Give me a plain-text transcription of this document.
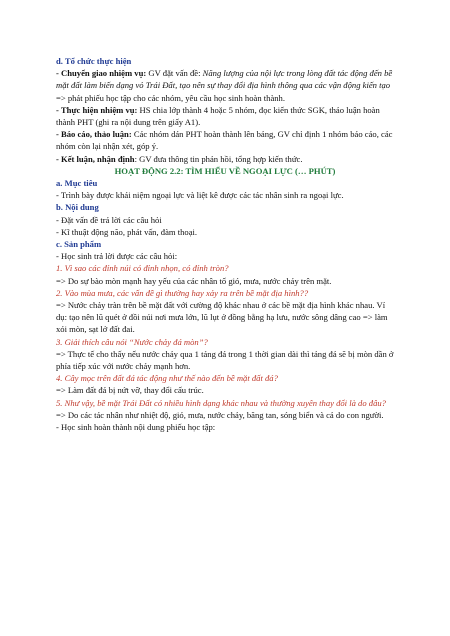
d. Tổ chức thực hiện

- Chuyển giao nhiệm vụ: GV đặt vấn đề: Năng lượng của nội lực trong lòng đất tác động đến bề mặt đất làm biến dạng vỏ Trái Đất, tạo nên sự thay đổi địa hình thông qua các vận động kiến tạo => phát phiếu học tập cho các nhóm, yêu cầu học sinh hoàn thành.

- Thực hiện nhiệm vụ: HS chia lớp thành 4 hoặc 5 nhóm, đọc kiến thức SGK, thảo luận hoàn thành PHT (ghi ra nội dung trên giấy A1).

- Báo cáo, thảo luận: Các nhóm dán PHT hoàn thành lên bảng, GV chỉ định 1 nhóm báo cáo, các nhóm còn lại nhận xét, góp ý.

- Kết luận, nhận định: GV đưa thông tin phản hồi, tổng hợp kiến thức.

HOẠT ĐỘNG 2.2: TÌM HIỂU VỀ NGOẠI LỰC (… PHÚT)

a. Mục tiêu

- Trình bày được khái niệm ngoại lực và liệt kê được các tác nhân sinh ra ngoại lực.

b. Nội dung

- Đặt vấn đề trả lời các câu hỏi

- Kĩ thuật động não, phát vấn, đàm thoại.

c. Sản phẩm

- Học sinh trả lời được các câu hỏi:

1. Vì sao các đỉnh núi có đỉnh nhọn, có đỉnh tròn?

=> Do sự bào mòn mạnh hay yếu của các nhân tố gió, mưa, nước chảy trên mặt.

2. Vào mùa mưa, các vấn đề gì thường hay xảy ra trên bề mặt địa hình??

=> Nước chảy tràn trên bề mặt đất với cường độ khác nhau ở các bề mặt địa hình khác nhau. Ví dụ: tạo nên lũ quét ở đồi núi nơi mưa lớn, lũ lụt ở đồng bằng hạ lưu, nước sông dâng cao => làm xói mòn, sạt lở đất đai.

3. Giải thích câu nói “Nước chảy đá mòn”?

=> Thực tế cho thấy nếu nước chảy qua 1 tảng đá trong 1 thời gian dài thì tảng đá sẽ bị mòn dần ở phía tiếp xúc với nước chảy mạnh hơn.

4. Cây mọc trên đất đá tác động như thế nào đến bề mặt đất đá?

=> Làm đất đá bị nứt vỡ, thay đổi cấu trúc.

5. Như vậy, bề mặt Trái Đất có nhiều hình dạng khác nhau và thường xuyên thay đổi là do đâu?

=> Do các tác nhân như nhiệt độ, gió, mưa, nước chảy, băng tan, sóng biển và cả do con người.

- Học sinh hoàn thành nội dung phiếu học tập:
